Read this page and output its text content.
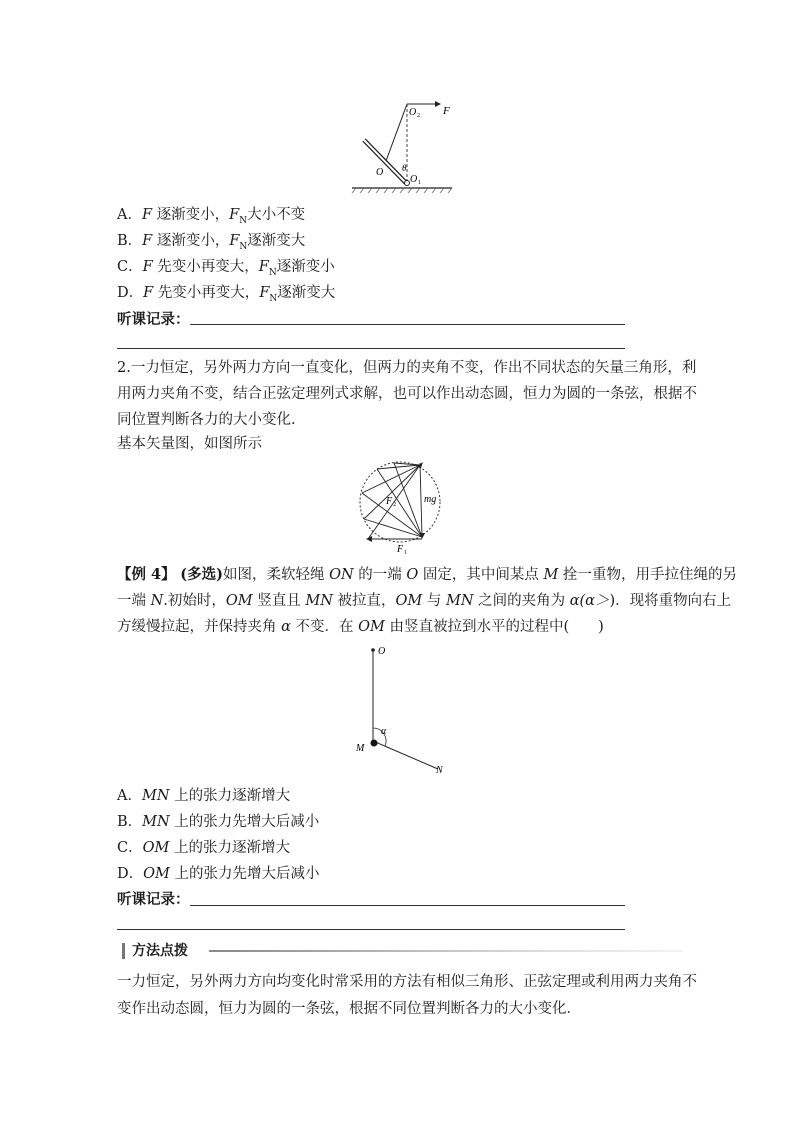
O θ
O 1
O 2 F
A．F 逐渐变小，$F_N$大小不变
B．F 逐渐变小，$F_N$逐渐变大
C．F 先变小再变大，$F_N$逐渐变小
D．F 先变小再变大，$F_N$逐渐变大
听课记录：
2.一力恒定，另外两力方向一直变化，但两力的夹角不变，作出不同状态的矢量三角形，利
用两力夹角不变，结合正弦定理列式求解，也可以作出动态圆，恒力为圆的一条弦，根据不
同位置判断各力的大小变化.
基本矢量图，如图所示
F 2	mg
F 1
【例 4】 (多选)如图，柔软轻绳 ON 的一端 O 固定，其中间某点 M 拴一重物，用手拉住绳的另
一端 N.初始时，OM 竖直且 MN 被拉直，OM 与 MN 之间的夹角为 α(α＞)．现将重物向右上
方缓慢拉起，并保持夹角 α 不变．在 OM 由竖直被拉到水平的过程中(　　)
O
α
M
N
A．MN 上的张力逐渐增大
B．MN 上的张力先增大后减小
C．OM 上的张力逐渐增大
D．OM 上的张力先增大后减小
听课记录：
方法点拨
一力恒定，另外两力方向均变化时常采用的方法有相似三角形、正弦定理或利用两力夹角不
变作出动态圆，恒力为圆的一条弦，根据不同位置判断各力的大小变化．
